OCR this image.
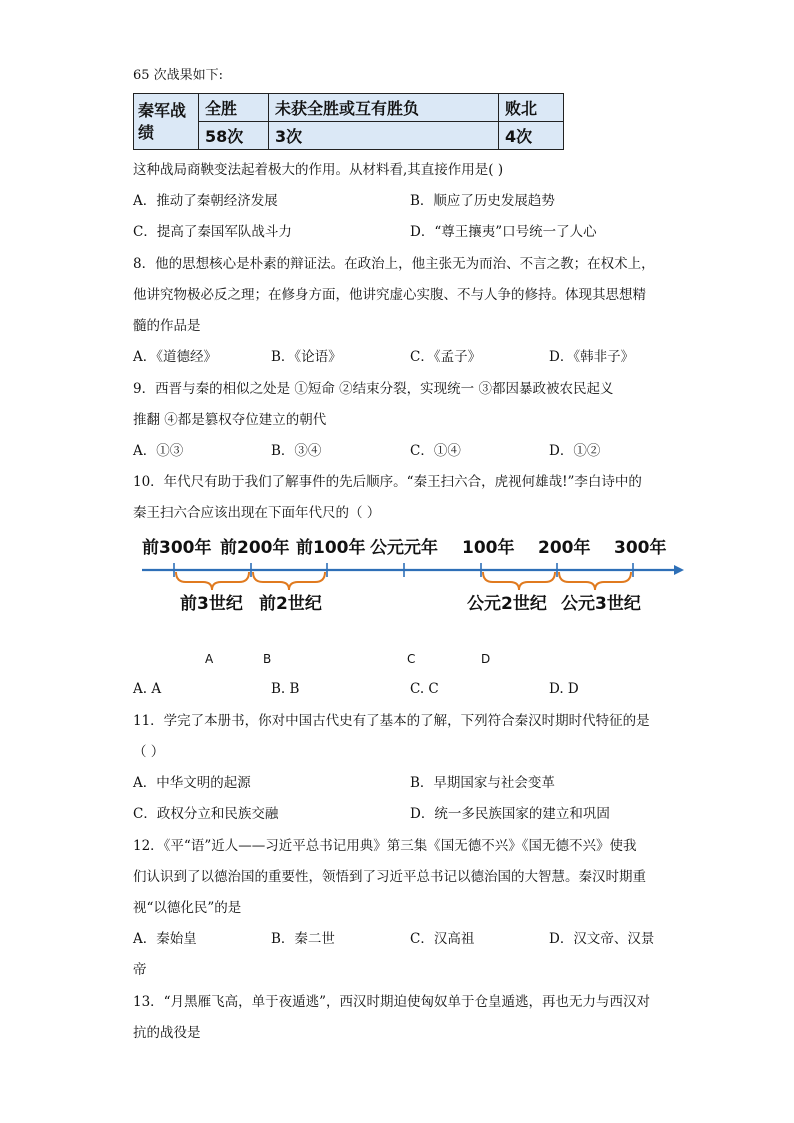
65 次战果如下:
秦军战绩	全胜	未获全胜或互有胜负	败北
	58次	3次	4次
这种战局商鞅变法起着极大的作用。从材料看,其直接作用是( )
A．推动了秦朝经济发展	B．顺应了历史发展趋势
C．提高了秦国军队战斗力	D．“尊王攘夷”口号统一了人心
8．他的思想核心是朴素的辩证法。在政治上，他主张无为而治、不言之教；在权术上，
他讲究物极必反之理；在修身方面，他讲究虚心实腹、不与人争的修持。体现其思想精
髓的作品是
A．《道德经》	B．《论语》	C．《孟子》	D．《韩非子》
9．西晋与秦的相似之处是 ①短命 ②结束分裂，实现统一 ③都因暴政被农民起义
推翻 ④都是篡权夺位建立的朝代
A．①③	B．③④	C．①④	D．①②
10．年代尺有助于我们了解事件的先后顺序。“秦王扫六合，虎视何雄哉!”李白诗中的
秦王扫六合应该出现在下面年代尺的（ ）
前300年 前200年 前100年 公元元年 100年 200年 300年
前3世纪 前2世纪	公元2世纪 公元3世纪
A	B	C	D
A. A	B. B	C. C	D. D
11．学完了本册书，你对中国古代史有了基本的了解，下列符合秦汉时期时代特征的是
（ ）
A．中华文明的起源	B．早期国家与社会变革
C．政权分立和民族交融	D．统一多民族国家的建立和巩固
12．《平“语”近人——习近平总书记用典》第三集《国无德不兴》《国无德不兴》使我
们认识到了以德治国的重要性，领悟到了习近平总书记以德治国的大智慧。秦汉时期重
视“以德化民”的是
A．秦始皇	B．秦二世	C．汉高祖	D．汉文帝、汉景
帝
13．“月黑雁飞高，单于夜遁逃”，西汉时期迫使匈奴单于仓皇遁逃，再也无力与西汉对
抗的战役是
